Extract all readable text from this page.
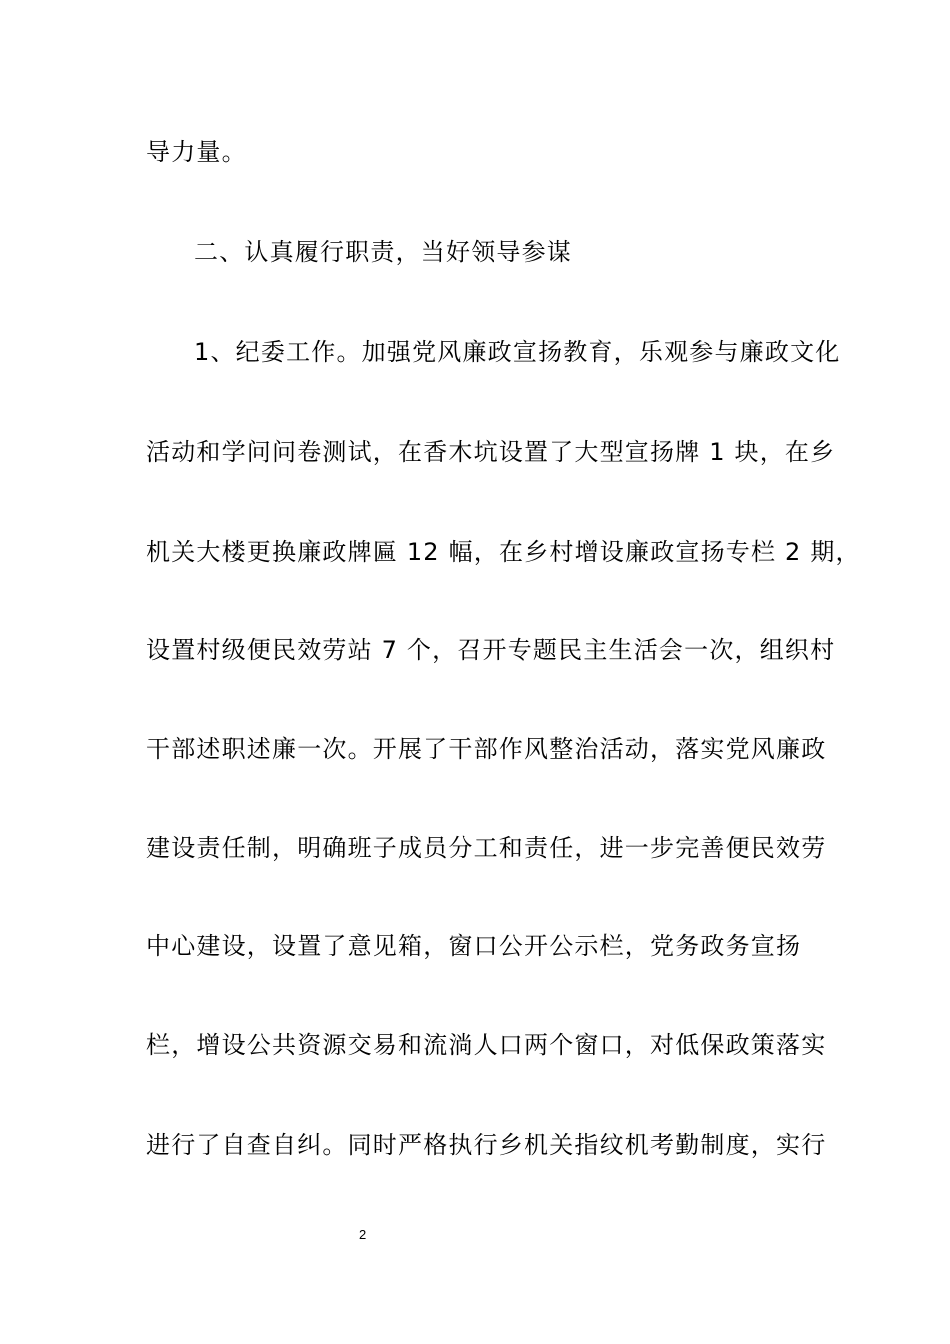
导力量。
二、认真履行职责，当好领导参谋
1、纪委工作。加强党风廉政宣扬教育，乐观参与廉政文化
活动和学问问卷测试，在香木坑设置了大型宣扬牌 1 块，在乡
机关大楼更换廉政牌匾 12 幅，在乡村增设廉政宣扬专栏 2 期，
设置村级便民效劳站 7 个，召开专题民主生活会一次，组织村
干部述职述廉一次。开展了干部作风整治活动，落实党风廉政
建设责任制，明确班子成员分工和责任，进一步完善便民效劳
中心建设，设置了意见箱，窗口公开公示栏，党务政务宣扬
栏，增设公共资源交易和流淌人口两个窗口，对低保政策落实
进行了自查自纠。同时严格执行乡机关指纹机考勤制度，实行
2
